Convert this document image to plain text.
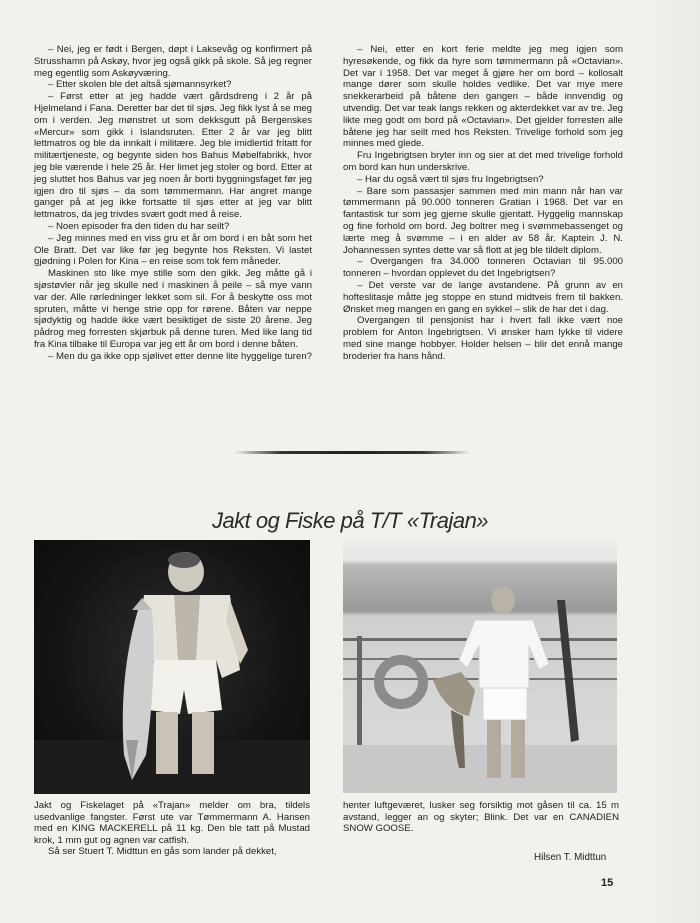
– Nei, jeg er født i Bergen, døpt i Laksevåg og konfirmert på Strusshamn på Askøy, hvor jeg også gikk på skole. Så jeg regner meg egentlig som Askøyværing.

– Etter skolen ble det altså sjømannsyrket?

– Først etter at jeg hadde vært gårdsdreng i 2 år på Hjelmeland i Fana. Deretter bar det til sjøs. Jeg fikk lyst å se meg om i verden. Jeg mønstret ut som dekksgutt på Bergenskes «Mercur» som gikk i Islandsruten. Etter 2 år var jeg blitt lettmatros og ble da innkalt i militære. Jeg ble imidlertid fritatt for militærtjeneste, og begynte siden hos Bahus Møbelfabrikk, hvor jeg ble værende i hele 25 år. Her limet jeg stoler og bord. Etter at jeg sluttet hos Bahus var jeg noen år borti byggningsfaget før jeg igjen dro til sjøs – da som tømmermann. Har angret mange ganger på at jeg ikke fortsatte til sjøs etter at jeg var blitt lettmatros, da jeg trivdes svært godt med å reise.

– Noen episoder fra den tiden du har seilt?

– Jeg minnes med en viss gru et år om bord i en båt som het Ole Bratt. Det var like før jeg begynte hos Reksten. Vi lastet gjødning i Polen for Kina – en reise som tok fem måneder.

Maskinen sto like mye stille som den gikk. Jeg måtte gå i sjøstøvler når jeg skulle ned i maskinen å peile – så mye vann var der. Alle rørledninger lekket som sil. For å beskytte oss mot spruten, måtte vi henge strie opp for rørene. Båten var neppe sjødyktig og hadde ikke vært besiktiget de siste 20 årene. Jeg pådrog meg forresten skjørbuk på denne turen. Med like lang tid fra Kina tilbake til Europa var jeg ett år om bord i denne båten.

– Men du ga ikke opp sjølivet etter denne lite hyggelige turen?

– Nei, etter en kort ferie meldte jeg meg igjen som hyresøkende, og fikk da hyre som tømmermann på «Octavian». Det var i 1958. Det var meget å gjøre her om bord – kollosalt mange dører som skulle holdes vedlike. Det var mye mere snekkerarbeid på båtene den gangen – både innvendig og utvendig. Det var teak langs rekken og akterdekket var av tre. Jeg likte meg godt om bord på «Octavian». Det gjelder forresten alle båtene jeg har seilt med hos Reksten. Trivelige forhold som jeg minnes med glede.

Fru Ingebrigtsen bryter inn og sier at det med trivelige forhold om bord kan hun underskrive.

– Har du også vært til sjøs fru Ingebrigtsen?

– Bare som passasjer sammen med min mann når han var tømmermann på 90.000 tonneren Gratian i 1968. Det var en fantastisk tur som jeg gjerne skulle gjentatt. Hyggelig mannskap og fine forhold om bord. Jeg boltrer meg i svømmebassenget og lærte meg å svømme – i en alder av 58 år. Kaptein J. N. Johannessen syntes dette var så flott at jeg ble tildelt diplom.

– Overgangen fra 34.000 tonneren Octavian til 95.000 tonneren – hvordan opplevet du det Ingebrigtsen?

– Det verste var de lange avstandene. På grunn av en hofteslitasje måtte jeg stoppe en stund midtveis frem til bakken. Ønsket meg mangen en gang en sykkel – slik de har det i dag.

Overgangen til pensjonist har i hvert fall ikke vært noe problem for Anton Ingebrigtsen. Vi ønsker ham lykke til videre med sine mange hobbyer. Holder helsen – blir det ennå mange broderier fra hans hånd.

Jakt og Fiske på T/T «Trajan»
Jakt og Fiskelaget på «Trajan» melder om bra, tildels usedvanlige fangster. Først ute var Tømmermann A. Hansen med en KING MACKERELL på 11 kg. Den ble tatt på Mustad krok, 1 mm gut og agnen var catfish.
Så ser Stuert T. Midttun en gås som lander på dekket,
henter luftgeværet, lusker seg forsiktig mot gåsen til ca. 15 m avstand, legger an og skyter; Blink. Det var en CANADIEN SNOW GOOSE.
Hilsen T. Midttun
15
